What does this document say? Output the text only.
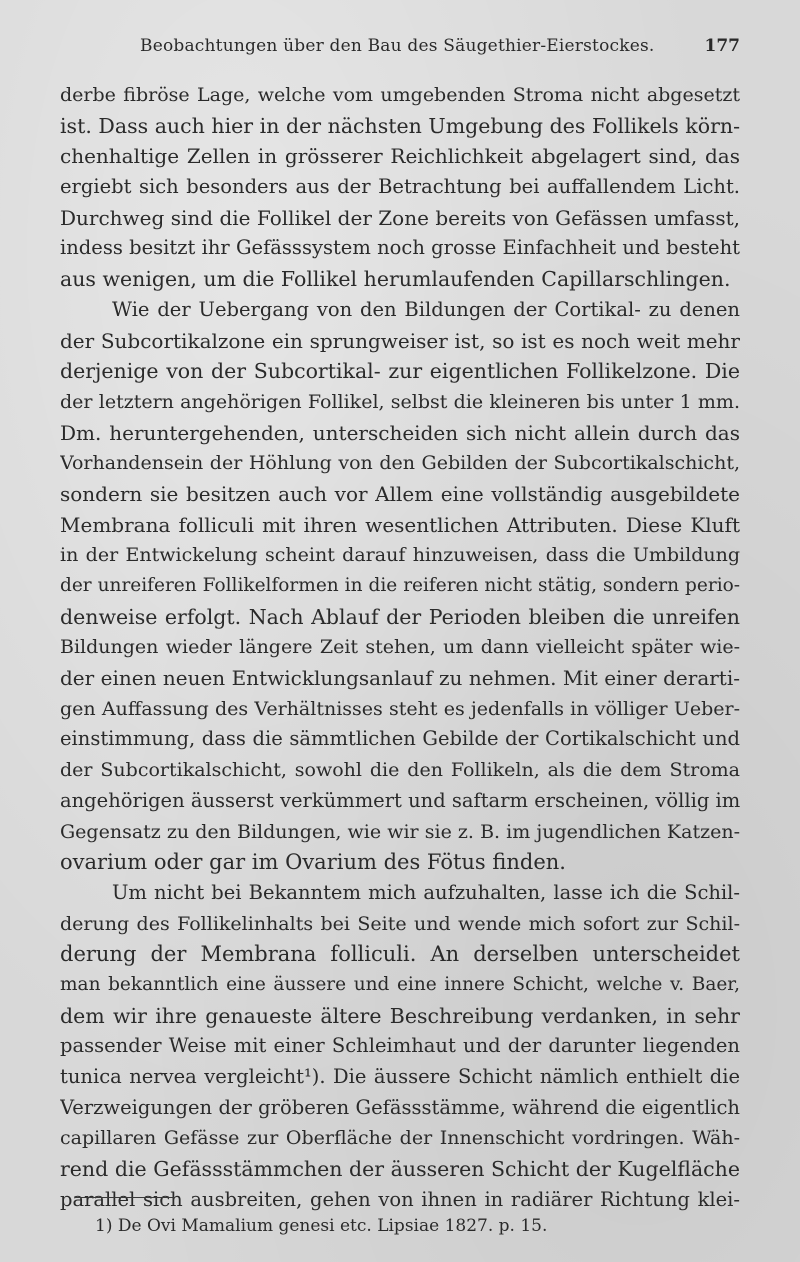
Beobachtungen über den Bau des Säugethier-Eierstockes.	177
derbe fibröse Lage, welche vom umgebenden Stroma nicht abgesetzt
ist. Dass auch hier in der nächsten Umgebung des Follikels körn-
chenhaltige Zellen in grösserer Reichlichkeit abgelagert sind, das
ergiebt sich besonders aus der Betrachtung bei auffallendem Licht.
Durchweg sind die Follikel der Zone bereits von Gefässen umfasst,
indess besitzt ihr Gefässsystem noch grosse Einfachheit und besteht
aus wenigen, um die Follikel herumlaufenden Capillarschlingen.
Wie der Uebergang von den Bildungen der Cortikal- zu denen
der Subcortikalzone ein sprungweiser ist, so ist es noch weit mehr
derjenige von der Subcortikal- zur eigentlichen Follikelzone. Die
der letztern angehörigen Follikel, selbst die kleineren bis unter 1 mm.
Dm. heruntergehenden, unterscheiden sich nicht allein durch das
Vorhandensein der Höhlung von den Gebilden der Subcortikalschicht,
sondern sie besitzen auch vor Allem eine vollständig ausgebildete
Membrana folliculi mit ihren wesentlichen Attributen. Diese Kluft
in der Entwickelung scheint darauf hinzuweisen, dass die Umbildung
der unreiferen Follikelformen in die reiferen nicht stätig, sondern perio-
denweise erfolgt. Nach Ablauf der Perioden bleiben die unreifen
Bildungen wieder längere Zeit stehen, um dann vielleicht später wie-
der einen neuen Entwicklungsanlauf zu nehmen. Mit einer derarti-
gen Auffassung des Verhältnisses steht es jedenfalls in völliger Ueber-
einstimmung, dass die sämmtlichen Gebilde der Cortikalschicht und
der Subcortikalschicht, sowohl die den Follikeln, als die dem Stroma
angehörigen äusserst verkümmert und saftarm erscheinen, völlig im
Gegensatz zu den Bildungen, wie wir sie z. B. im jugendlichen Katzen-
ovarium oder gar im Ovarium des Fötus finden.
Um nicht bei Bekanntem mich aufzuhalten, lasse ich die Schil-
derung des Follikelinhalts bei Seite und wende mich sofort zur Schil-
derung der Membrana folliculi. An derselben unterscheidet
man bekanntlich eine äussere und eine innere Schicht, welche v. Baer,
dem wir ihre genaueste ältere Beschreibung verdanken, in sehr
passender Weise mit einer Schleimhaut und der darunter liegenden
tunica nervea vergleicht¹). Die äussere Schicht nämlich enthielt die
Verzweigungen der gröberen Gefässstämme, während die eigentlich
capillaren Gefässe zur Oberfläche der Innenschicht vordringen. Wäh-
rend die Gefässstämmchen der äusseren Schicht der Kugelfläche
parallel sich ausbreiten, gehen von ihnen in radiärer Richtung klei-
1) De Ovi Mamalium genesi etc. Lipsiae 1827. p. 15.
